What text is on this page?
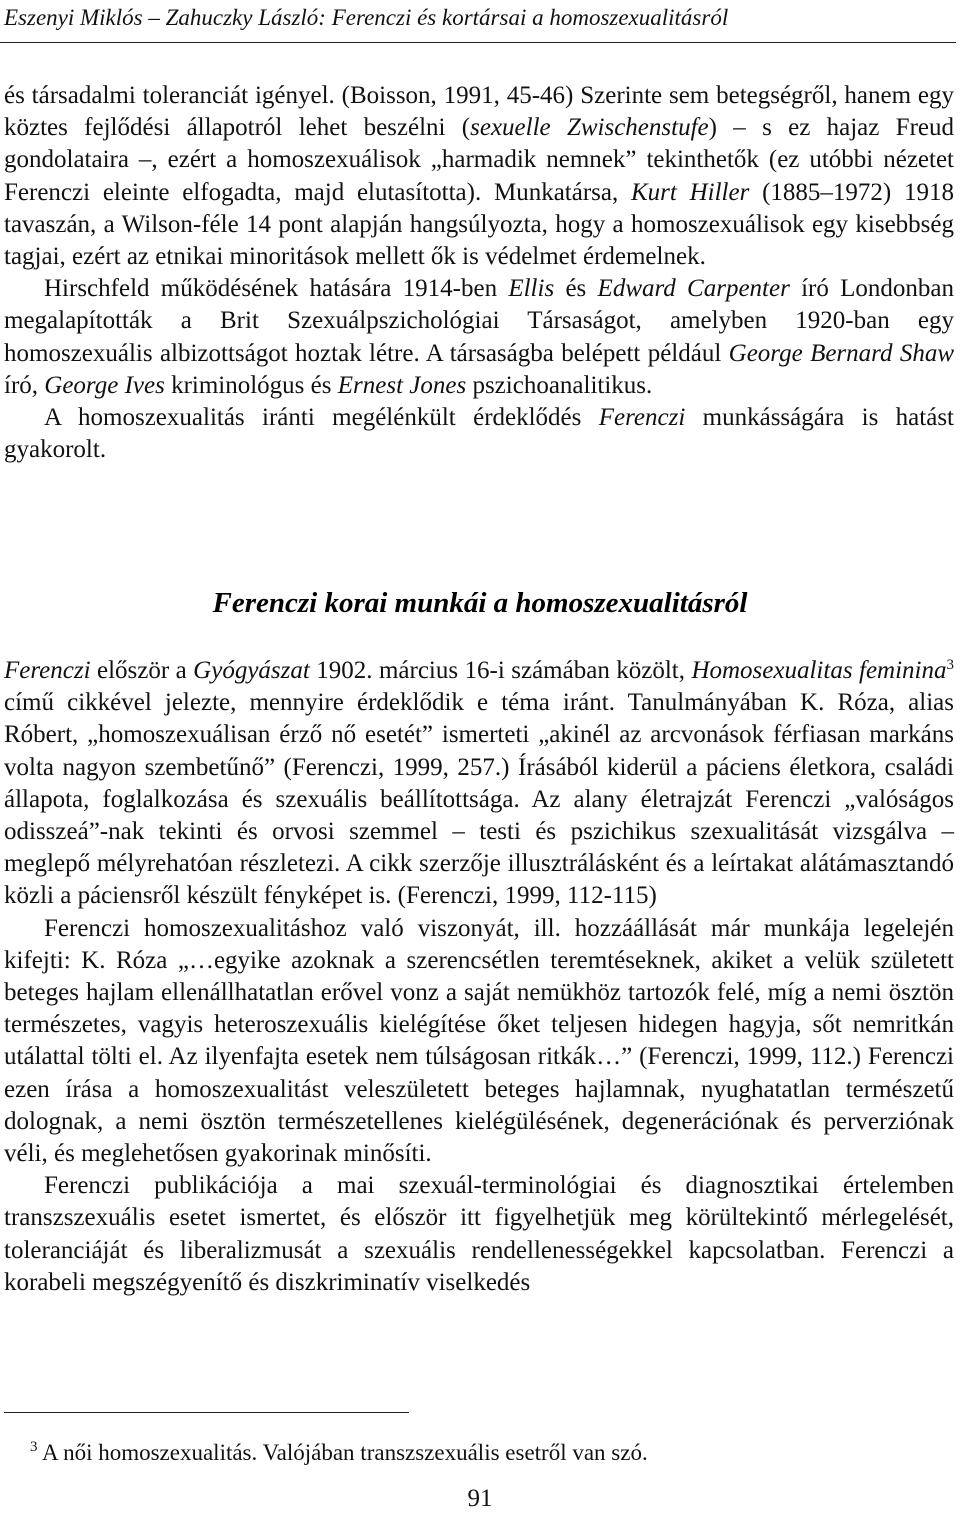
Eszenyi Miklós – Zahuczky László: Ferenczi és kortársai a homoszexualitásról

és társadalmi toleranciát igényel. (Boisson, 1991, 45-46) Szerinte sem betegségről, hanem egy köztes fejlődési állapotról lehet beszélni (sexuelle Zwischenstufe) – s ez hajaz Freud gondolataira –, ezért a homoszexuálisok „harmadik nemnek” tekinthetők (ez utóbbi nézetet Ferenczi eleinte elfogadta, majd elutasította). Munkatársa, Kurt Hiller (1885–1972) 1918 tavaszán, a Wilson-féle 14 pont alapján hangsúlyozta, hogy a homoszexuálisok egy kisebbség tagjai, ezért az etnikai minoritások mellett ők is védelmet érdemelnek.

Hirschfeld működésének hatására 1914-ben Ellis és Edward Carpenter író Londonban megalapították a Brit Szexuálpszichológiai Társaságot, amelyben 1920-ban egy homoszexuális albizottságot hoztak létre. A társaságba belépett például George Bernard Shaw író, George Ives kriminológus és Ernest Jones pszichoanalitikus.

A homoszexualitás iránti megélénkült érdeklődés Ferenczi munkásságára is hatást gyakorolt.

Ferenczi korai munkái a homoszexualitásról

Ferenczi először a Gyógyászat 1902. március 16-i számában közölt, Homosexualitas feminina$^3$ című cikkével jelezte, mennyire érdeklődik e téma iránt. Tanulmányában K. Róza, alias Róbert, „homoszexuálisan érző nő esetét” ismerteti „akinél az arcvonások férfiasan markáns volta nagyon szembetűnő” (Ferenczi, 1999, 257.) Írásából kiderül a páciens életkora, családi állapota, foglalkozása és szexuális beállítottsága. Az alany életrajzát Ferenczi „valóságos odisszeá”-nak tekinti és orvosi szemmel – testi és pszichikus szexualitását vizsgálva – meglepő mélyrehatóan részletezi. A cikk szerzője illusztrálásként és a leírtakat alátámasztandó közli a páciensről készült fényképet is. (Ferenczi, 1999, 112-115)

Ferenczi homoszexualitáshoz való viszonyát, ill. hozzáállását már munkája legelején kifejti: K. Róza „…egyike azoknak a szerencsétlen teremtéseknek, akiket a velük született beteges hajlam ellenállhatatlan erővel vonz a saját nemükhöz tartozók felé, míg a nemi ösztön természetes, vagyis heteroszexuális kielégítése őket teljesen hidegen hagyja, sőt nemritkán utálattal tölti el. Az ilyenfajta esetek nem túlságosan ritkák…” (Ferenczi, 1999, 112.) Ferenczi ezen írása a homoszexualitást veleszületett beteges hajlamnak, nyughatatlan természetű dolognak, a nemi ösztön természetellenes kielégülésének, degenerációnak és perverziónak véli, és meglehetősen gyakorinak minősíti.

Ferenczi publikációja a mai szexuál-terminológiai és diagnosztikai értelemben transzszexuális esetet ismertet, és először itt figyelhetjük meg körültekintő mérlegelését, toleranciáját és liberalizmusát a szexuális rendellenességekkel kapcsolatban. Ferenczi a korabeli megszégyenítő és diszkriminatív viselkedés

$^3$ A női homoszexualitás. Valójában transzszexuális esetről van szó.
91
